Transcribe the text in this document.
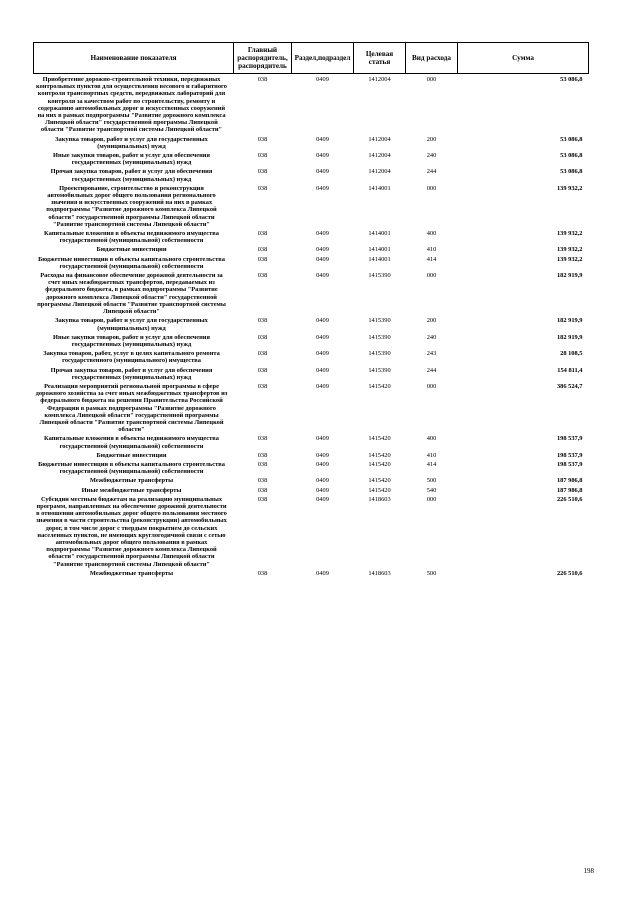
Наименование показателя	Главный распорядитель, распорядитель	Раздел,подраздел	Целевая статья	Вид расхода	Сумма
Приобретение дорожно-строительной техники, передвижных контрольных пунктов для осуществления весового и габаритного контроля транспортных средств, передвижных лабораторий для контроля за качеством работ по строительству, ремонту и содержанию автомобильных дорог и искусственных сооружений на них в рамках подпрограммы "Развитие дорожного комплекса Липецкой области" государственной программы Липецкой области "Развитие транспортной системы Липецкой области"	038	0409	1412004	000	53 086,8
Закупка товаров, работ и услуг для государственных (муниципальных) нужд	038	0409	1412004	200	53 086,8
Иные закупки товаров, работ и услуг для обеспечения государственных (муниципальных) нужд	038	0409	1412004	240	53 086,8
Прочая закупка товаров, работ и услуг для обеспечения государственных (муниципальных) нужд	038	0409	1412004	244	53 086,8
Проектирование, строительство и реконструкция автомобильных дорог общего пользования регионального значения и искусственных сооружений на них в рамках подпрограммы "Развитие дорожного комплекса Липецкой области" государственной программы Липецкой области "Развитие транспортной системы Липецкой области"	038	0409	1414001	000	139 932,2
Капитальные вложения в объекты недвижимого имущества государственной (муниципальной) собственности	038	0409	1414001	400	139 932,2
Бюджетные инвестиции	038	0409	1414001	410	139 932,2
Бюджетные инвестиции в объекты капитального строительства государственной (муниципальной) собственности	038	0409	1414001	414	139 932,2
Расходы на финансовое обеспечение дорожной деятельности за счет иных межбюджетных трансфертов, передаваемых из федерального бюджета, в рамках подпрограммы "Развитие дорожного комплекса Липецкой области" государственной программы Липецкой области "Развитие транспортной системы Липецкой области"	038	0409	1415390	000	182 919,9
Закупка товаров, работ и услуг для государственных (муниципальных) нужд	038	0409	1415390	200	182 919,9
Иные закупки товаров, работ и услуг для обеспечения государственных (муниципальных) нужд	038	0409	1415390	240	182 919,9
Закупка товаров, работ, услуг в целях капитального ремонта государственного (муниципального) имущества	038	0409	1415390	243	28 108,5
Прочая закупка товаров, работ и услуг для обеспечения государственных (муниципальных) нужд	038	0409	1415390	244	154 811,4
Реализация мероприятий региональной программы в сфере дорожного хозяйства за счет иных межбюджетных трансфертов из федерального бюджета на решения Правительства Российской Федерации в рамках подпрограммы "Развитие дорожного комплекса Липецкой области" государственной программы Липецкой области "Развитие транспортной системы Липецкой области"	038	0409	1415420	000	386 524,7
Капитальные вложения в объекты недвижимого имущества государственной (муниципальной) собственности	038	0409	1415420	400	198 537,9
Бюджетные инвестиции	038	0409	1415420	410	198 537,9
Бюджетные инвестиции в объекты капитального строительства государственной (муниципальной) собственности	038	0409	1415420	414	198 537,9
Межбюджетные трансферты	038	0409	1415420	500	187 986,8
Иные межбюджетные трансферты	038	0409	1415420	540	187 986,8
Субсидии местным бюджетам на реализацию муниципальных программ, направленных на обеспечение дорожной деятельности в отношении автомобильных дорог общего пользования местного значения в части строительства (реконструкции) автомобильных дорог, в том числе дорог с твердым покрытием до сельских населенных пунктов, не имеющих круглогодичной связи с сетью автомобильных дорог общего пользования в рамках подпрограммы "Развитие дорожного комплекса Липецкой области" государственной программы Липецкой области "Развитие транспортной системы Липецкой области"	038	0409	1418603	000	226 510,6
Межбюджетные трансферты	038	0409	1418603	500	226 510,6
198
